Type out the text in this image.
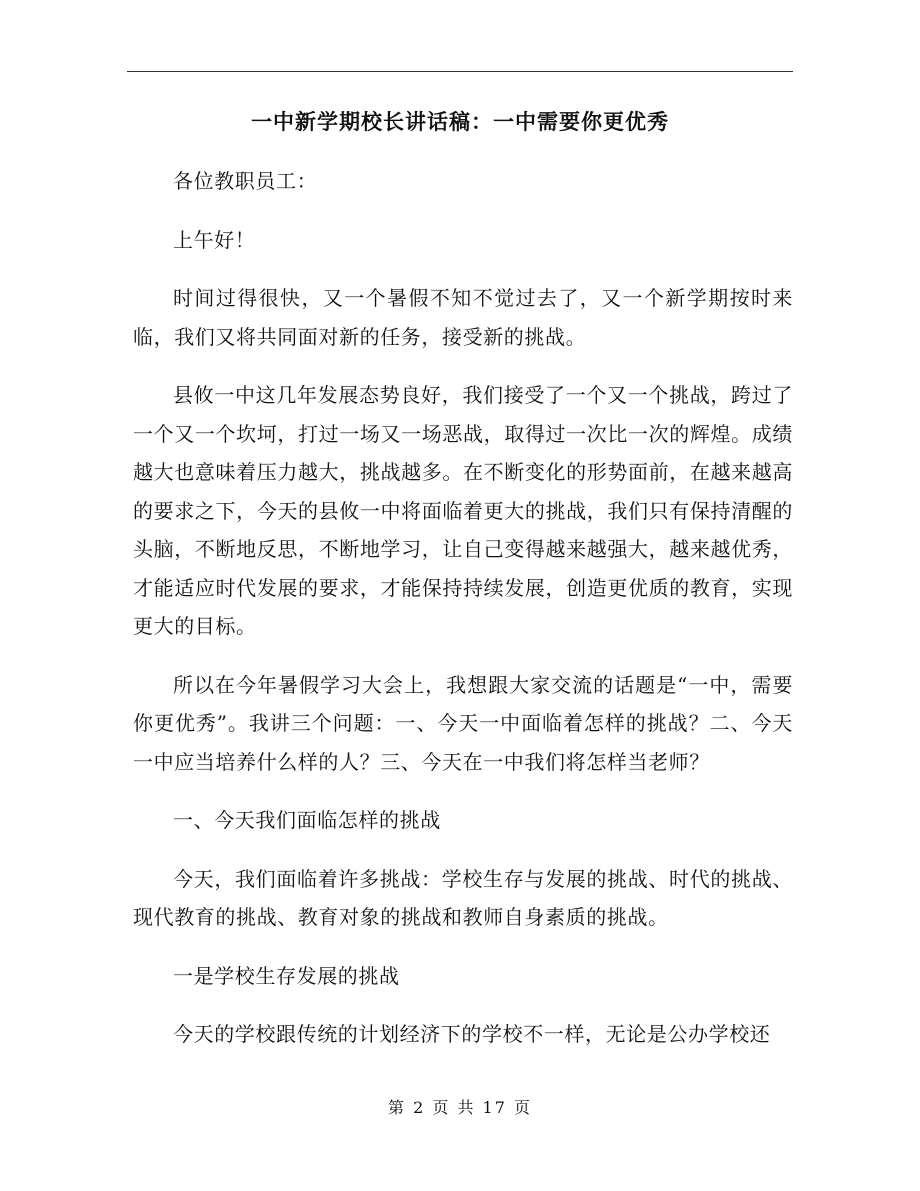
一中新学期校长讲话稿：一中需要你更优秀

各位教职员工：

上午好！

时间过得很快，又一个暑假不知不觉过去了，又一个新学期按时来临，我们又将共同面对新的任务，接受新的挑战。

县攸一中这几年发展态势良好，我们接受了一个又一个挑战，跨过了一个又一个坎坷，打过一场又一场恶战，取得过一次比一次的辉煌。成绩越大也意味着压力越大，挑战越多。在不断变化的形势面前，在越来越高的要求之下，今天的县攸一中将面临着更大的挑战，我们只有保持清醒的头脑，不断地反思，不断地学习，让自己变得越来越强大，越来越优秀，才能适应时代发展的要求，才能保持持续发展，创造更优质的教育，实现更大的目标。

所以在今年暑假学习大会上，我想跟大家交流的话题是“一中，需要你更优秀”。我讲三个问题：一、今天一中面临着怎样的挑战？二、今天一中应当培养什么样的人？三、今天在一中我们将怎样当老师？

一、今天我们面临怎样的挑战

今天，我们面临着许多挑战：学校生存与发展的挑战、时代的挑战、现代教育的挑战、教育对象的挑战和教师自身素质的挑战。

一是学校生存发展的挑战

今天的学校跟传统的计划经济下的学校不一样，无论是公办学校还

第 2 页 共 17 页
